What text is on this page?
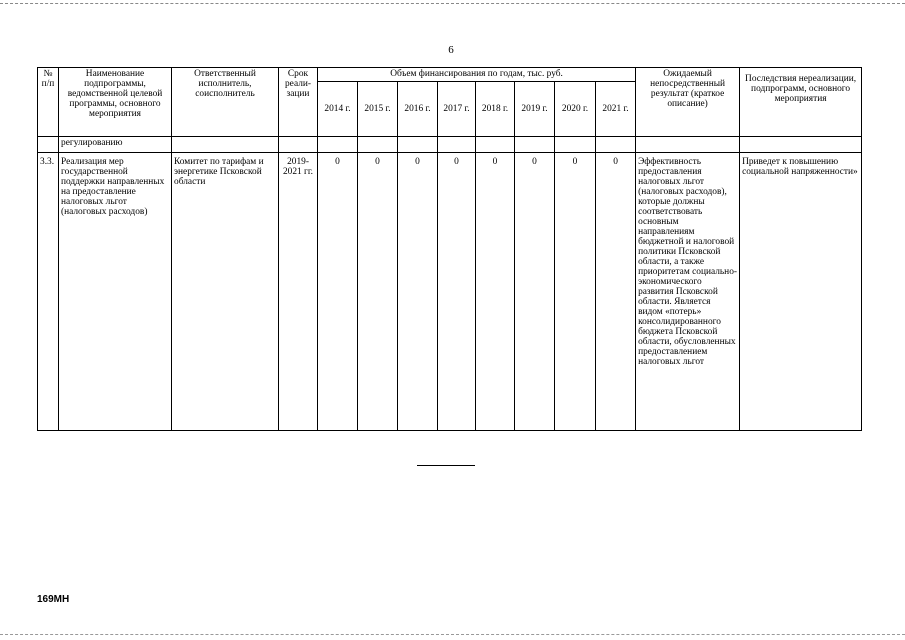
6
№ п/п	Наименование подпрограммы, ведомственной целевой программы, основного мероприятия	Ответственный исполнитель, соисполнитель	Срок реали-зации	Объем финансирования по годам, тыс. руб.								Ожидаемый непосредственный результат (краткое описание)	Последствия нереализации, подпрограмм, основного мероприятия
				2014 г.	2015 г.	2016 г.	2017 г.	2018 г.	2019 г.	2020 г.	2021 г.		
	регулированию												
3.3.	Реализация мер государственной поддержки направленных на предоставление налоговых льгот (налоговых расходов)	Комитет по тарифам и энергетике Псковской области	2019-2021 гг.	0	0	0	0	0	0	0	0	Эффективность предоставления налоговых льгот (налоговых расходов), которые должны соответствовать основным направлениям бюджетной и налоговой политики Псковской области, а также приоритетам социально-экономического развития Псковской области. Является видом «потерь» консолидированного бюджета Псковской области, обусловленных предоставлением налоговых льгот	Приведет к повышению социальной напряженности»
169МН
